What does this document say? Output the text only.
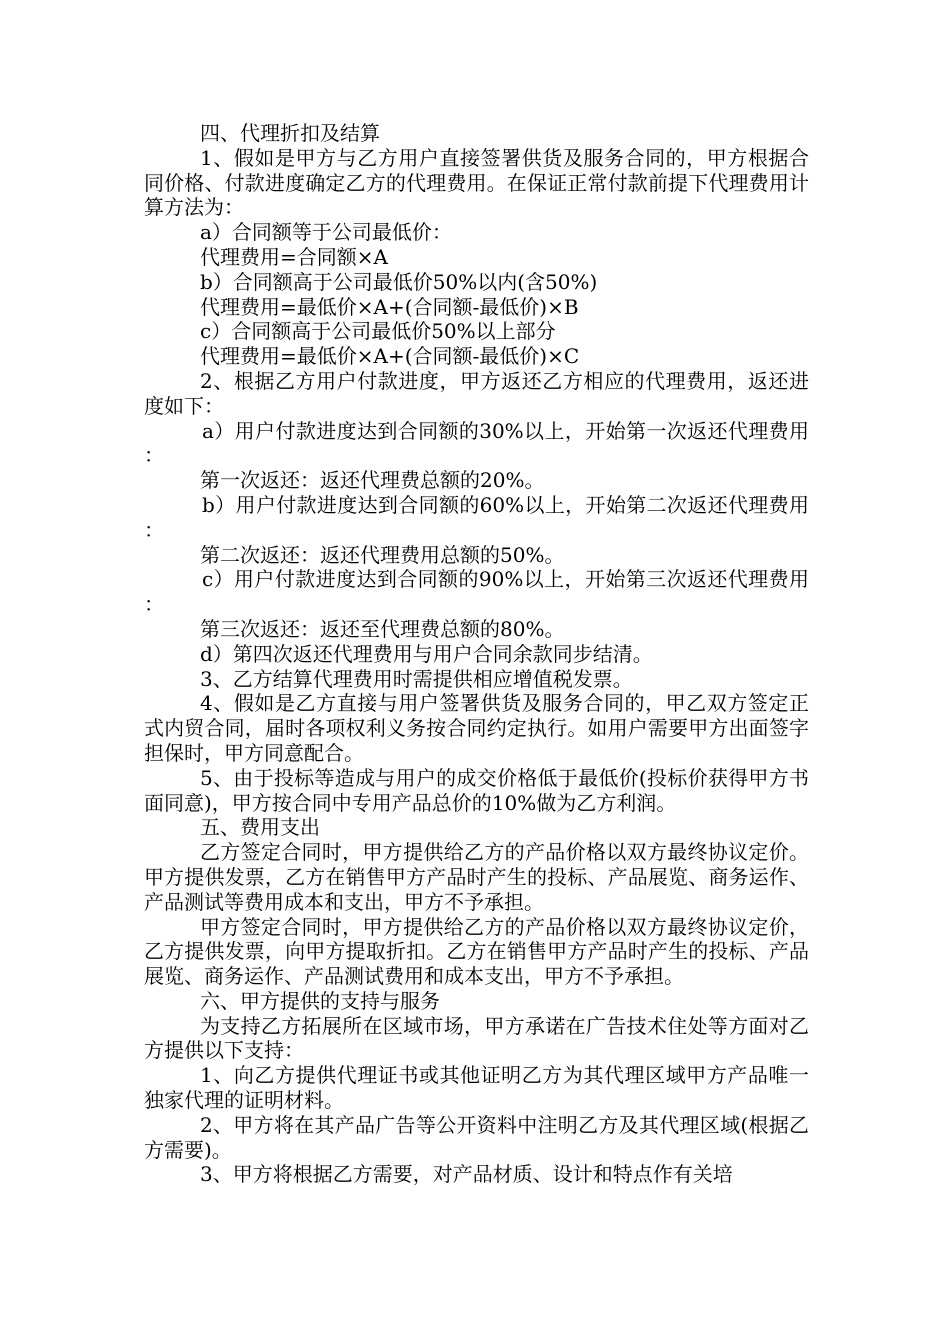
四、代理折扣及结算

1、假如是甲方与乙方用户直接签署供货及服务合同的，甲方根据合同价格、付款进度确定乙方的代理费用。在保证正常付款前提下代理费用计算方法为：

a）合同额等于公司最低价：

代理费用=合同额×A

b）合同额高于公司最低价50%以内(含50%)

代理费用=最低价×A+(合同额-最低价)×B

c）合同额高于公司最低价50%以上部分

代理费用=最低价×A+(合同额-最低价)×C

2、根据乙方用户付款进度，甲方返还乙方相应的代理费用，返还进度如下：

a）用户付款进度达到合同额的30%以上，开始第一次返还代理费用：

第一次返还：返还代理费总额的20%。

b）用户付款进度达到合同额的60%以上，开始第二次返还代理费用：

第二次返还：返还代理费用总额的50%。

c）用户付款进度达到合同额的90%以上，开始第三次返还代理费用：

第三次返还：返还至代理费总额的80%。

d）第四次返还代理费用与用户合同余款同步结清。

3、乙方结算代理费用时需提供相应增值税发票。

4、假如是乙方直接与用户签署供货及服务合同的，甲乙双方签定正式内贸合同，届时各项权利义务按合同约定执行。如用户需要甲方出面签字担保时，甲方同意配合。

5、由于投标等造成与用户的成交价格低于最低价(投标价获得甲方书面同意)，甲方按合同中专用产品总价的10%做为乙方利润。

五、费用支出

乙方签定合同时，甲方提供给乙方的产品价格以双方最终协议定价。甲方提供发票，乙方在销售甲方产品时产生的投标、产品展览、商务运作、产品测试等费用成本和支出，甲方不予承担。

甲方签定合同时，甲方提供给乙方的产品价格以双方最终协议定价，乙方提供发票，向甲方提取折扣。乙方在销售甲方产品时产生的投标、产品展览、商务运作、产品测试费用和成本支出，甲方不予承担。

六、甲方提供的支持与服务

为支持乙方拓展所在区域市场，甲方承诺在广告技术住处等方面对乙方提供以下支持：

1、向乙方提供代理证书或其他证明乙方为其代理区域甲方产品唯一独家代理的证明材料。

2、甲方将在其产品广告等公开资料中注明乙方及其代理区域(根据乙方需要)。

3、甲方将根据乙方需要，对产品材质、设计和特点作有关培
